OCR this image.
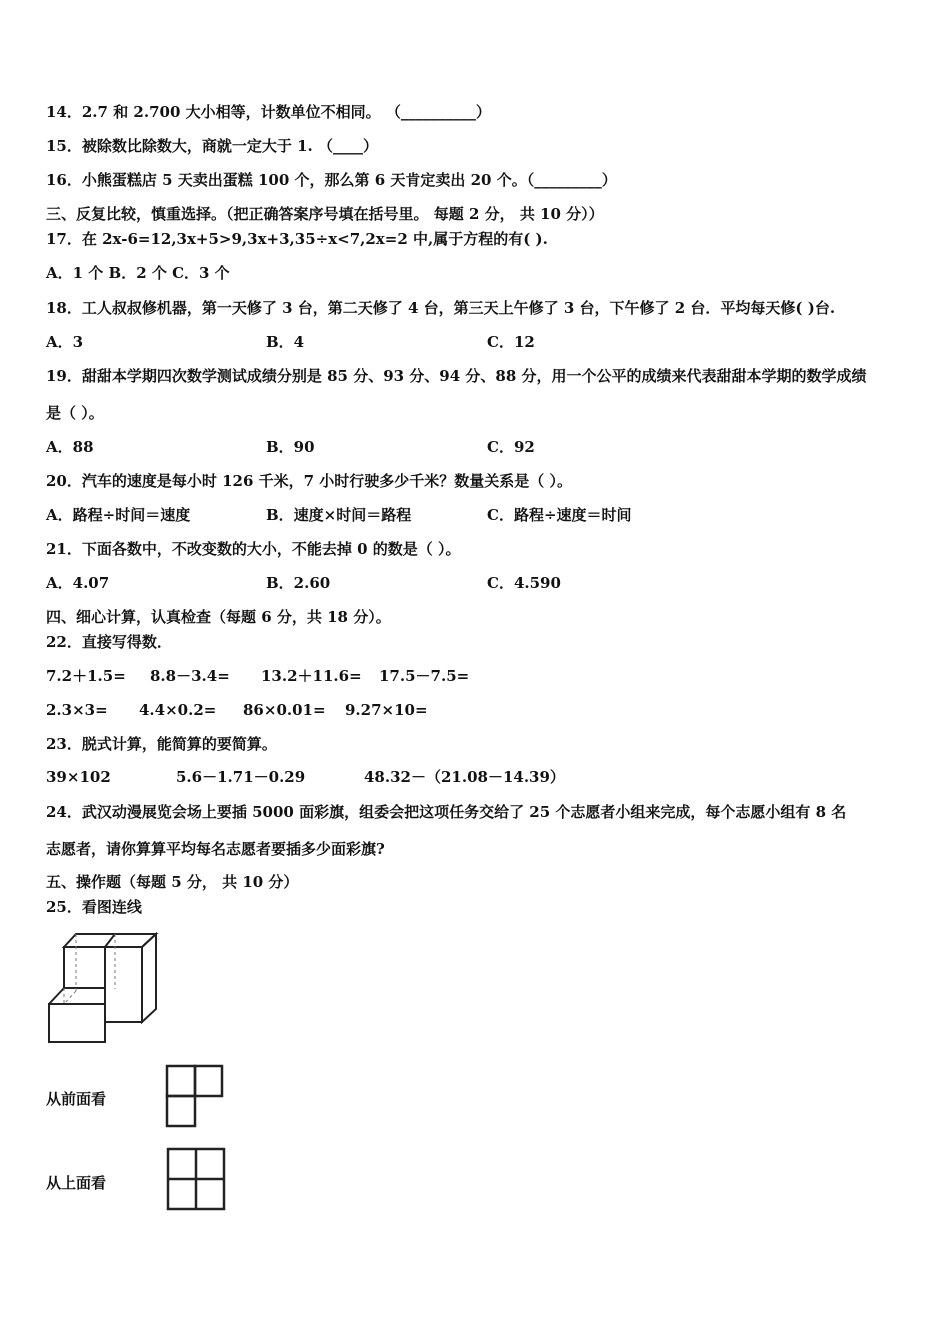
14．2.7 和 2.700 大小相等，计数单位不相同。 （__________）
15．被除数比除数大，商就一定大于 1. （____）
16．小熊蛋糕店 5 天卖出蛋糕 100 个，那么第 6 天肯定卖出 20 个。（_________）
三、反复比较，慎重选择。（把正确答案序号填在括号里。 每题 2 分， 共 10 分））
17．在 2x-6=12,3x+5>9,3x+3,35÷x<7,2x=2 中,属于方程的有( ).
A．1 个 B．2 个 C．3 个
18．工人叔叔修机器，第一天修了 3 台，第二天修了 4 台，第三天上午修了 3 台，下午修了 2 台．平均每天修( )台.
A．3	B．4	C．12
19．甜甜本学期四次数学测试成绩分别是 85 分、93 分、94 分、88 分，用一个公平的成绩来代表甜甜本学期的数学成绩
是（ ）。
A．88	B．90	C．92
20．汽车的速度是每小时 126 千米，7 小时行驶多少千米？数量关系是（ ）。
A．路程÷时间＝速度	B．速度×时间＝路程	C．路程÷速度＝时间
21．下面各数中，不改变数的大小，不能去掉 0 的数是（ ）。
A．4.07	B．2.60	C．4.590
四、细心计算，认真检查（每题 6 分，共 18 分）。
22．直接写得数．
7.2＋1.5= 8.8－3.4= 13.2＋11.6= 17.5－7.5=
2.3×3= 4.4×0.2= 86×0.01= 9.27×10=
23．脱式计算，能简算的要简算。
39×102	5.6－1.71－0.29	48.32－（21.08－14.39）
24．武汉动漫展览会场上要插 5000 面彩旗，组委会把这项任务交给了 25 个志愿者小组来完成，每个志愿小组有 8 名
志愿者，请你算算平均每名志愿者要插多少面彩旗?
五、操作题（每题 5 分， 共 10 分）
25．看图连线
从前面看
从上面看
